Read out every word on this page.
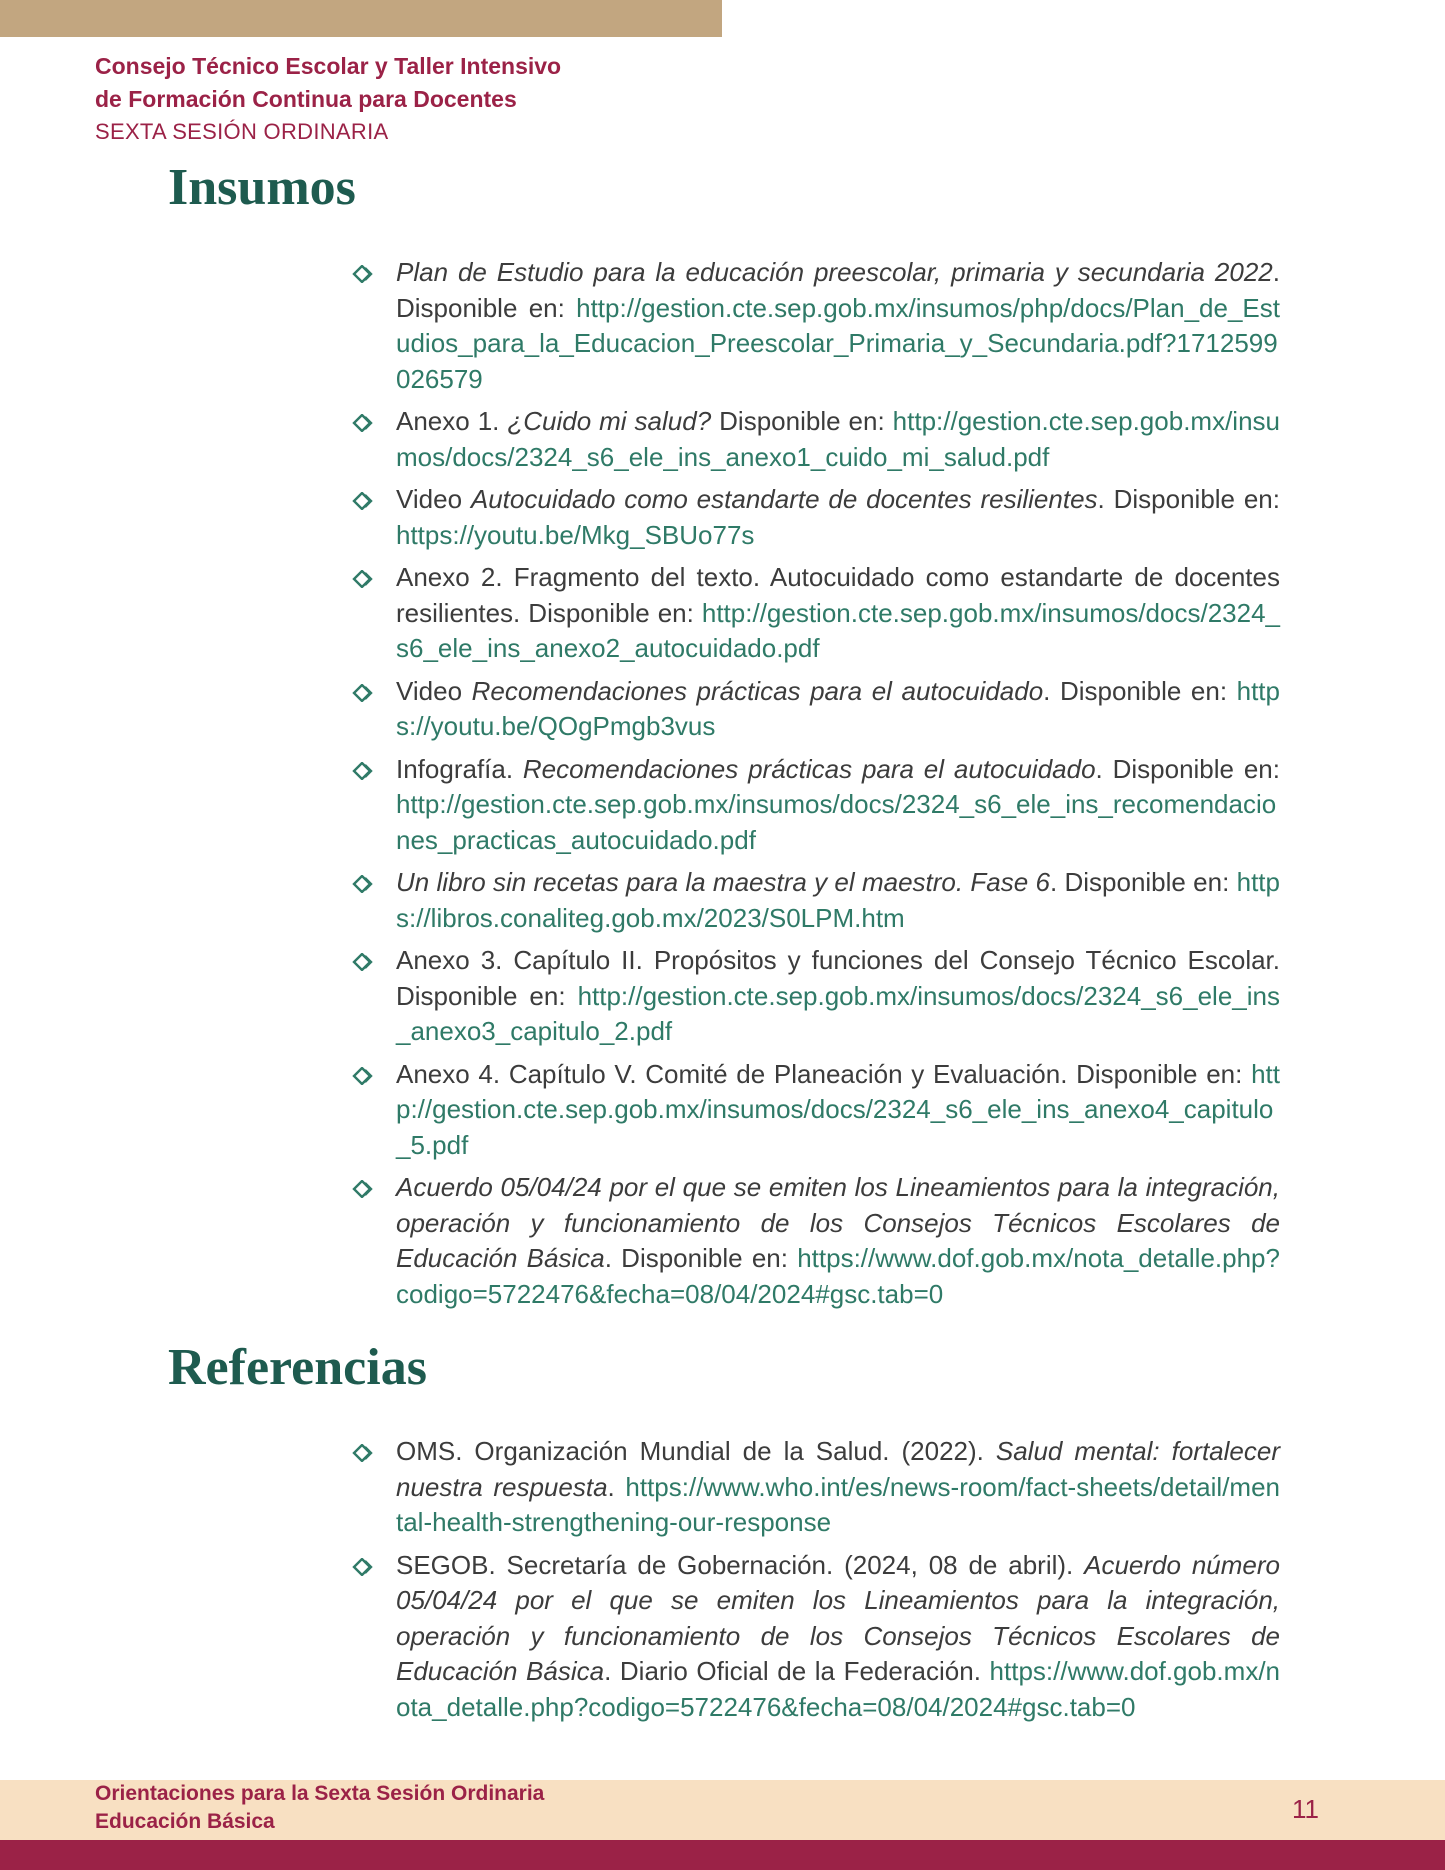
Consejo Técnico Escolar y Taller Intensivo
de Formación Continua para Docentes
SEXTA SESIÓN ORDINARIA
Insumos
Plan de Estudio para la educación preescolar, primaria y secundaria 2022. Disponible en: http://gestion.cte.sep.gob.mx/insumos/php/docs/Plan_de_Estudios_para_la_Educacion_Preescolar_Primaria_y_Secundaria.pdf?1712599026579
Anexo 1. ¿Cuido mi salud? Disponible en: http://gestion.cte.sep.gob.mx/insumos/docs/2324_s6_ele_ins_anexo1_cuido_mi_salud.pdf
Video Autocuidado como estandarte de docentes resilientes. Disponible en: https://youtu.be/Mkg_SBUo77s
Anexo 2. Fragmento del texto. Autocuidado como estandarte de docentes resilientes. Disponible en: http://gestion.cte.sep.gob.mx/insumos/docs/2324_s6_ele_ins_anexo2_autocuidado.pdf
Video Recomendaciones prácticas para el autocuidado. Disponible en: https://youtu.be/QOgPmgb3vus
Infografía. Recomendaciones prácticas para el autocuidado. Disponible en: http://gestion.cte.sep.gob.mx/insumos/docs/2324_s6_ele_ins_recomendaciones_practicas_autocuidado.pdf
Un libro sin recetas para la maestra y el maestro. Fase 6. Disponible en: https://libros.conaliteg.gob.mx/2023/S0LPM.htm
Anexo 3. Capítulo II. Propósitos y funciones del Consejo Técnico Escolar. Disponible en: http://gestion.cte.sep.gob.mx/insumos/docs/2324_s6_ele_ins_anexo3_capitulo_2.pdf
Anexo 4. Capítulo V. Comité de Planeación y Evaluación. Disponible en: http://gestion.cte.sep.gob.mx/insumos/docs/2324_s6_ele_ins_anexo4_capitulo_5.pdf
Acuerdo 05/04/24 por el que se emiten los Lineamientos para la integración, operación y funcionamiento de los Consejos Técnicos Escolares de Educación Básica. Disponible en: https://www.dof.gob.mx/nota_detalle.php?codigo=5722476&fecha=08/04/2024#gsc.tab=0
Referencias
OMS. Organización Mundial de la Salud. (2022). Salud mental: fortalecer nuestra respuesta. https://www.who.int/es/news-room/fact-sheets/detail/mental-health-strengthening-our-response
SEGOB. Secretaría de Gobernación. (2024, 08 de abril). Acuerdo número 05/04/24 por el que se emiten los Lineamientos para la integración, operación y funcionamiento de los Consejos Técnicos Escolares de Educación Básica. Diario Oficial de la Federación. https://www.dof.gob.mx/nota_detalle.php?codigo=5722476&fecha=08/04/2024#gsc.tab=0
Orientaciones para la Sexta Sesión Ordinaria
Educación Básica	11
